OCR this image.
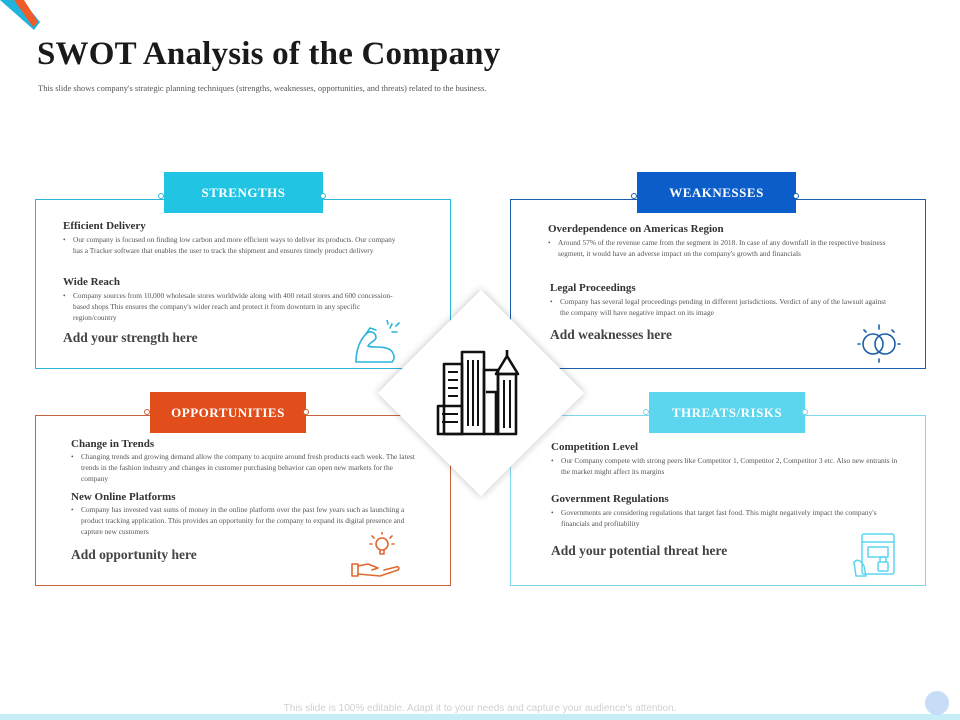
SWOT Analysis of the Company

This slide shows company's strategic planning techniques (strengths, weaknesses, opportunities, and threats) related to the business.

STRENGTHS
Efficient Delivery
• Our company is focused on finding low carbon and more efficient ways to deliver its products. Our company has a Tracker software that enables the user to track the shipment and ensures timely product delivery
Wide Reach
• Company sources from 10,000 wholesale stores worldwide along with 400 retail stores and 600 concession-based shops This ensures the company's wider reach and protect it from downturn in any specific region/country
Add your strength here
WEAKNESSES
Overdependence on Americas Region
• Around 57% of the revenue came from the segment in 2018. In case of any downfall in the respective business segment, it would have an adverse impact on the company's growth and financials
Legal Proceedings
• Company has several legal proceedings pending in different jurisdictions. Verdict of any of the lawsuit against the company will have negative impact on its image
Add weaknesses here
OPPORTUNITIES
Change in Trends
• Changing trends and growing demand allow the company to acquire around fresh products each week. The latest trends in the fashion industry and changes in customer purchasing behavior can open new markets for the company
New Online Platforms
• Company has invested vast sums of money in the online platform over the past few years such as launching a product tracking application. This provides an opportunity for the company to expand its digital presence and capture new customers
Add opportunity here
THREATS/RISKS
Competition Level
• Our Company compete with strong peers like Competitor 1, Competitor 2, Competitor 3 etc. Also new entrants in the market might affect its margins
Government Regulations
• Governments are considering regulations that target fast food. This might negatively impact the company's financials and profitability
Add your potential threat here
This slide is 100% editable. Adapt it to your needs and capture your audience's attention.
